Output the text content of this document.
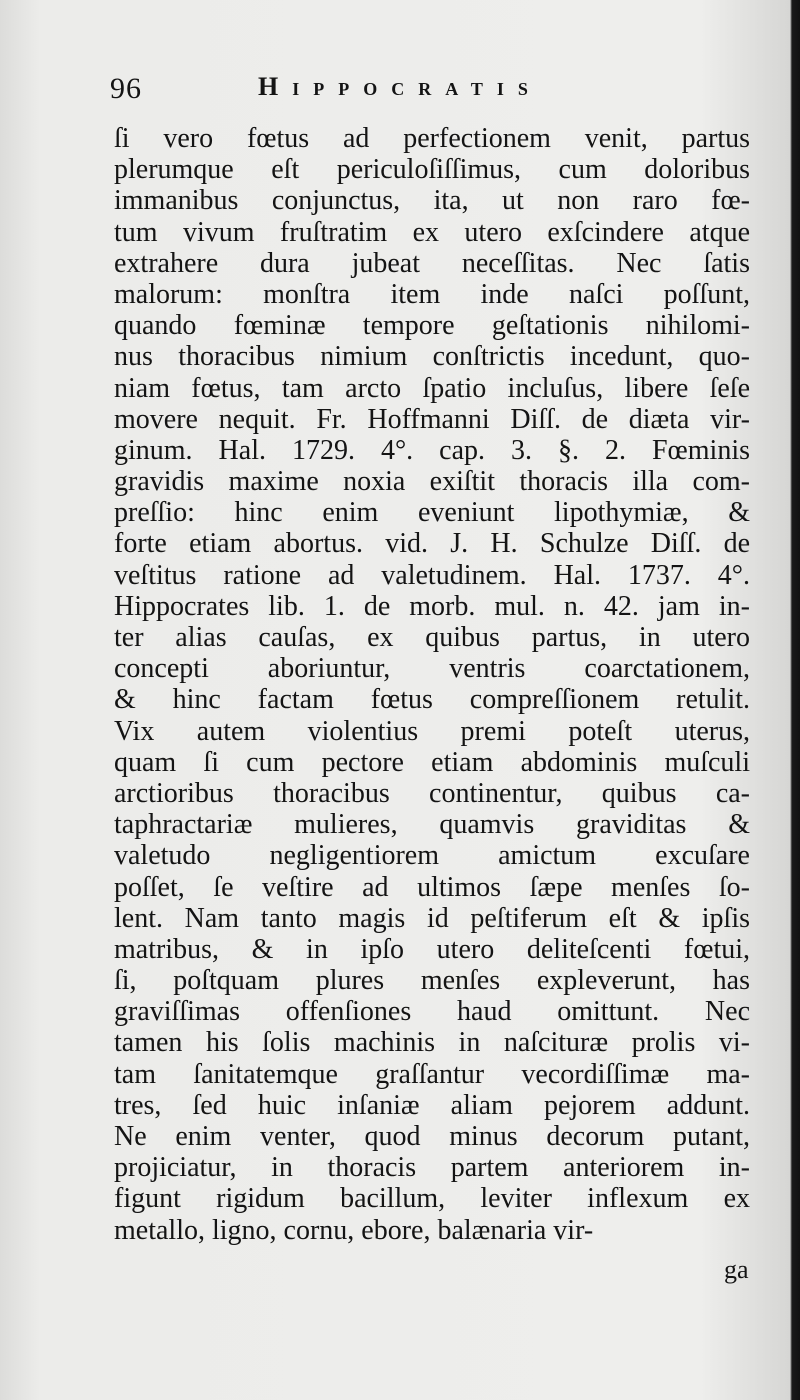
96	Hippocratis
ſi vero fœtus ad perfectionem venit, partus
plerumque eſt periculoſiſſimus, cum doloribus
immanibus conjunctus, ita, ut non raro fœ-
tum vivum fruſtratim ex utero exſcindere atque
extrahere dura jubeat neceſſitas. Nec ſatis
malorum: monſtra item inde naſci poſſunt,
quando fœminæ tempore geſtationis nihilomi-
nus thoracibus nimium conſtrictis incedunt, quo-
niam fœtus, tam arcto ſpatio incluſus, libere ſeſe
movere nequit. Fr. Hoffmanni Diſſ. de diæta vir-
ginum. Hal. 1729. 4°. cap. 3. §. 2. Fœminis
gravidis maxime noxia exiſtit thoracis illa com-
preſſio: hinc enim eveniunt lipothymiæ, &
forte etiam abortus. vid. J. H. Schulze Diſſ. de
veſtitus ratione ad valetudinem. Hal. 1737. 4°.
Hippocrates lib. 1. de morb. mul. n. 42. jam in-
ter alias cauſas, ex quibus partus, in utero
concepti aboriuntur, ventris coarctationem,
& hinc factam fœtus compreſſionem retulit.
Vix autem violentius premi poteſt uterus,
quam ſi cum pectore etiam abdominis muſculi
arctioribus thoracibus continentur, quibus ca-
taphractariæ mulieres, quamvis graviditas &
valetudo negligentiorem amictum excuſare
poſſet, ſe veſtire ad ultimos ſæpe menſes ſo-
lent. Nam tanto magis id peſtiferum eſt & ipſis
matribus, & in ipſo utero deliteſcenti fœtui,
ſi, poſtquam plures menſes expleverunt, has
graviſſimas offenſiones haud omittunt. Nec
tamen his ſolis machinis in naſcituræ prolis vi-
tam ſanitatemque graſſantur vecordiſſimæ ma-
tres, ſed huic inſaniæ aliam pejorem addunt.
Ne enim venter, quod minus decorum putant,
projiciatur, in thoracis partem anteriorem in-
figunt rigidum bacillum, leviter inflexum ex
metallo, ligno, cornu, ebore, balænaria vir-
ga
